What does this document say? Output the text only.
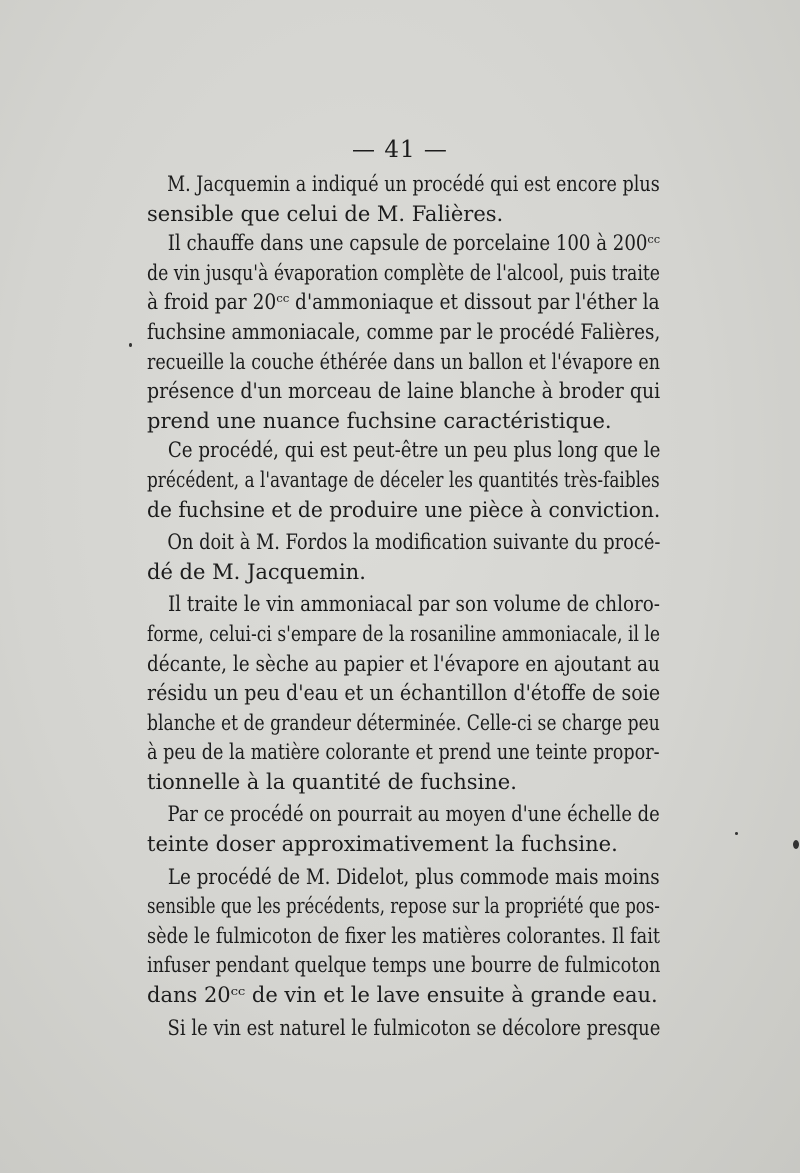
— 41 —
M. Jacquemin a indiqué un procédé qui est encore plus
sensible que celui de M. Falières.
Il chauffe dans une capsule de porcelaine 100 à 200ᶜᶜ
de vin jusqu'à évaporation complète de l'alcool, puis traite
à froid par 20ᶜᶜ d'ammoniaque et dissout par l'éther la
fuchsine ammoniacale, comme par le procédé Falières,
recueille la couche éthérée dans un ballon et l'évapore en
présence d'un morceau de laine blanche à broder qui
prend une nuance fuchsine caractéristique.
Ce procédé, qui est peut-être un peu plus long que le
précédent, a l'avantage de déceler les quantités très-faibles
de fuchsine et de produire une pièce à conviction.
On doit à M. Fordos la modification suivante du procé-
dé de M. Jacquemin.
Il traite le vin ammoniacal par son volume de chloro-
forme, celui-ci s'empare de la rosaniline ammoniacale, il le
décante, le sèche au papier et l'évapore en ajoutant au
résidu un peu d'eau et un échantillon d'étoffe de soie
blanche et de grandeur déterminée. Celle-ci se charge peu
à peu de la matière colorante et prend une teinte propor-
tionnelle à la quantité de fuchsine.
Par ce procédé on pourrait au moyen d'une échelle de
teinte doser approximativement la fuchsine.
Le procédé de M. Didelot, plus commode mais moins
sensible que les précédents, repose sur la propriété que pos-
sède le fulmicoton de fixer les matières colorantes. Il fait
infuser pendant quelque temps une bourre de fulmicoton
dans 20ᶜᶜ de vin et le lave ensuite à grande eau.
Si le vin est naturel le fulmicoton se décolore presque
